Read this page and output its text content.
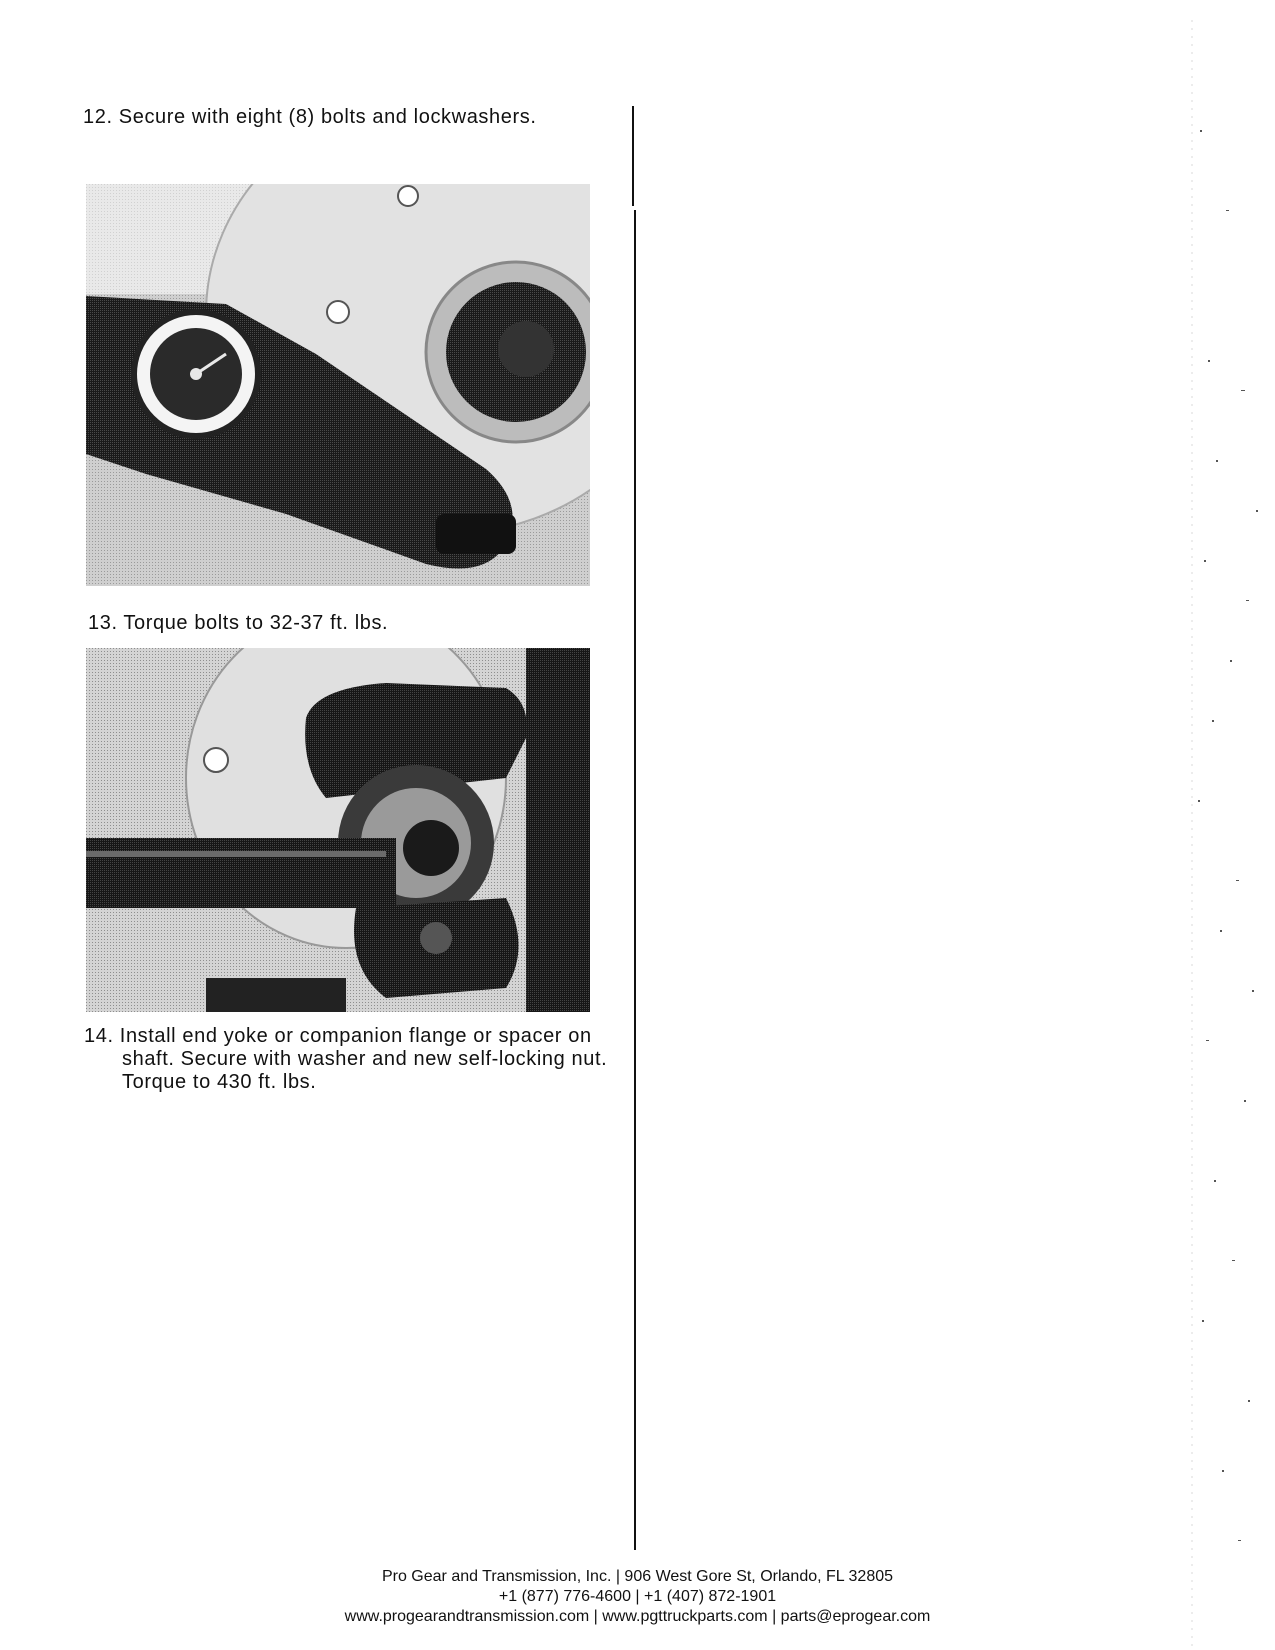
12. Secure with eight (8) bolts and lockwashers.

13. Torque bolts to 32-37 ft. lbs.

14. Install end yoke or companion flange or spacer on shaft. Secure with washer and new self-locking nut. Torque to 430 ft. lbs.

Pro Gear and Transmission, Inc. | 906 West Gore St, Orlando, FL 32805
+1 (877) 776-4600 | +1 (407) 872-1901
www.progearandtransmission.com | www.pgttruckparts.com | parts@eprogear.com
